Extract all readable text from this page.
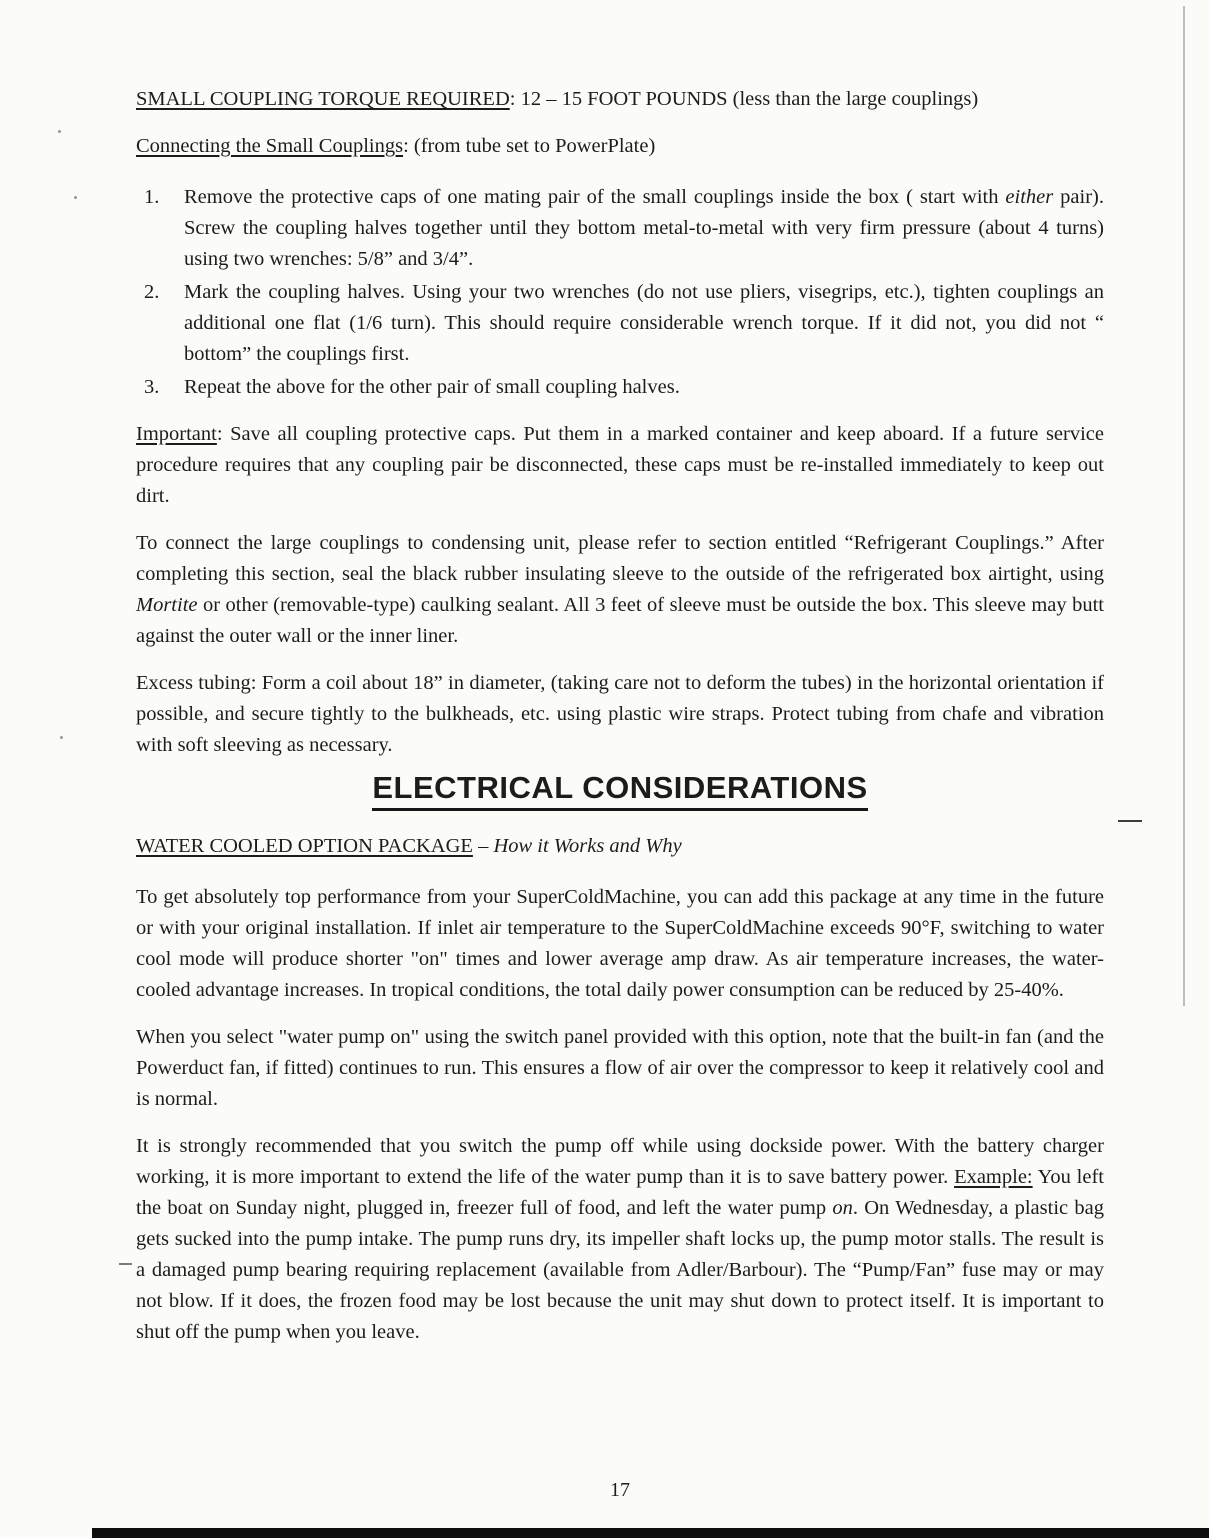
SMALL COUPLING TORQUE REQUIRED: 12 – 15 FOOT POUNDS (less than the large couplings)

Connecting the Small Couplings: (from tube set to PowerPlate)

1.	Remove the protective caps of one mating pair of the small couplings inside the box ( start with either pair). Screw the coupling halves together until they bottom metal-to-metal with very firm pressure (about 4 turns) using two wrenches: 5/8” and 3/4”.
2.	Mark the coupling halves. Using your two wrenches (do not use pliers, visegrips, etc.), tighten couplings an additional one flat (1/6 turn). This should require considerable wrench torque. If it did not, you did not “ bottom” the couplings first.
3.	Repeat the above for the other pair of small coupling halves.

Important: Save all coupling protective caps. Put them in a marked container and keep aboard. If a future service procedure requires that any coupling pair be disconnected, these caps must be re-installed immediately to keep out dirt.

To connect the large couplings to condensing unit, please refer to section entitled “Refrigerant Couplings.” After completing this section, seal the black rubber insulating sleeve to the outside of the refrigerated box airtight, using Mortite or other (removable-type) caulking sealant. All 3 feet of sleeve must be outside the box. This sleeve may butt against the outer wall or the inner liner.

Excess tubing: Form a coil about 18” in diameter, (taking care not to deform the tubes) in the horizontal orientation if possible, and secure tightly to the bulkheads, etc. using plastic wire straps. Protect tubing from chafe and vibration with soft sleeving as necessary.

ELECTRICAL CONSIDERATIONS

WATER COOLED OPTION PACKAGE – How it Works and Why

To get absolutely top performance from your SuperColdMachine, you can add this package at any time in the future or with your original installation. If inlet air temperature to the SuperColdMachine exceeds 90°F, switching to water cool mode will produce shorter "on" times and lower average amp draw. As air temperature increases, the water-cooled advantage increases. In tropical conditions, the total daily power consumption can be reduced by 25-40%.

When you select "water pump on" using the switch panel provided with this option, note that the built-in fan (and the Powerduct fan, if fitted) continues to run. This ensures a flow of air over the compressor to keep it relatively cool and is normal.

It is strongly recommended that you switch the pump off while using dockside power. With the battery charger working, it is more important to extend the life of the water pump than it is to save battery power. Example: You left the boat on Sunday night, plugged in, freezer full of food, and left the water pump on. On Wednesday, a plastic bag gets sucked into the pump intake. The pump runs dry, its impeller shaft locks up, the pump motor stalls. The result is a damaged pump bearing requiring replacement (available from Adler/Barbour). The “Pump/Fan” fuse may or may not blow. If it does, the frozen food may be lost because the unit may shut down to protect itself. It is important to shut off the pump when you leave.

17
